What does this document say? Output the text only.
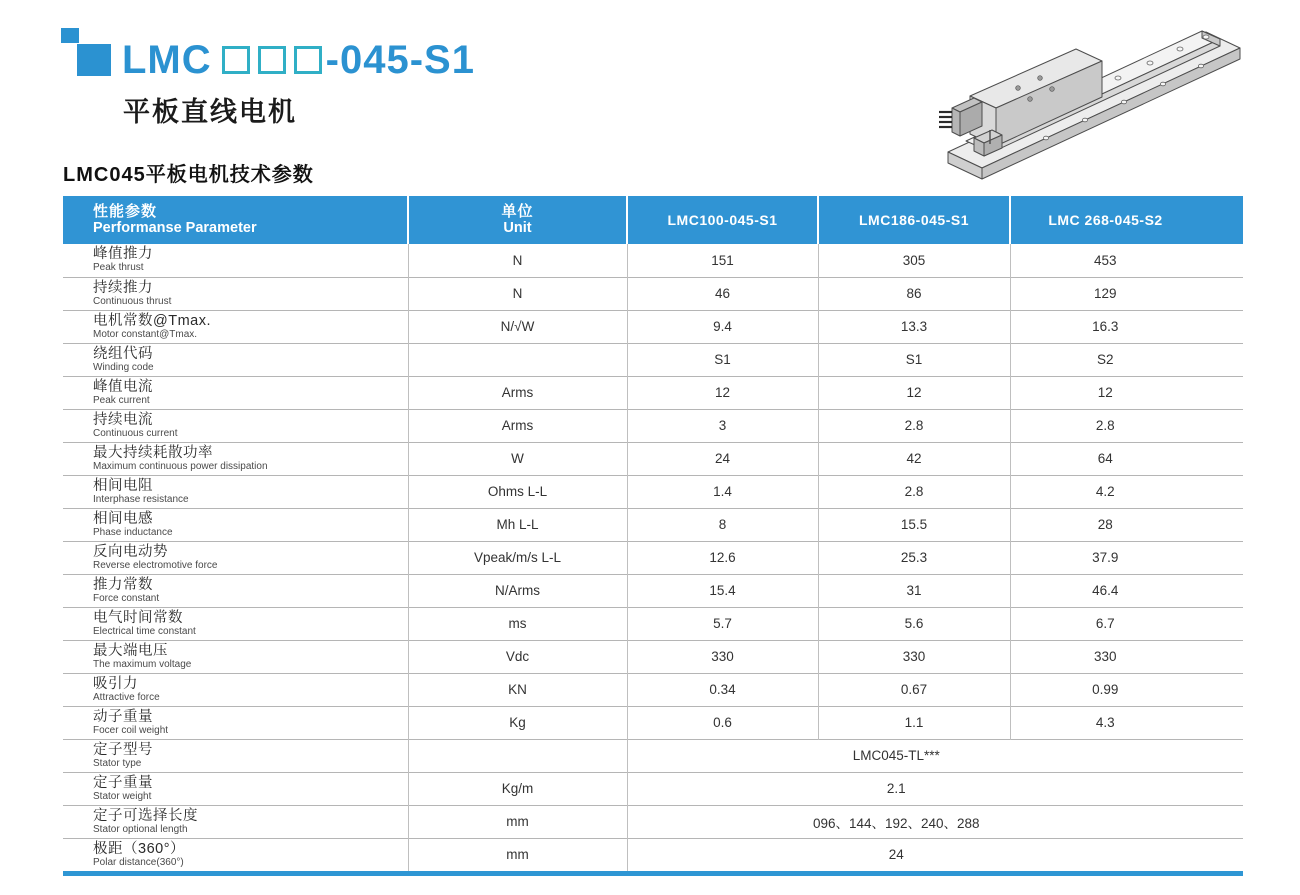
LMC	-045-S1
平板直线电机
LMC045平板电机技术参数
性能参数
Performanse Parameter	单位
Unit	LMC100-045-S1	LMC186-045-S1	LMC 268-045-S2

峰值推力
Peak thrust	N	151	305	453

持续推力
Continuous thrust	N	46	86	129

电机常数@Tmax.
Motor constant@Tmax.	N/√W	9.4	13.3	16.3

绕组代码
Winding code		S1	S1	S2

峰值电流
Peak current	Arms	12	12	12

持续电流
Continuous current	Arms	3	2.8	2.8

最大持续耗散功率
Maximum continuous power dissipation	W	24	42	64

相间电阻
Interphase resistance	Ohms L-L	1.4	2.8	4.2

相间电感
Phase inductance	Mh L-L	8	15.5	28

反向电动势
Reverse electromotive force	Vpeak/m/s L-L	12.6	25.3	37.9

推力常数
Force constant	N/Arms	15.4	31	46.4

电气时间常数
Electrical time constant	ms	5.7	5.6	6.7

最大端电压
The maximum voltage	Vdc	330	330	330

吸引力
Attractive force	KN	0.34	0.67	0.99

动子重量
Focer coil weight	Kg	0.6	1.1	4.3

定子型号
Stator type		LMC045-TL***		

定子重量
Stator weight	Kg/m	2.1		

定子可选择长度
Stator optional length	mm	096、144、192、240、288		

极距（360°）
Polar distance(360°)	mm	24		
